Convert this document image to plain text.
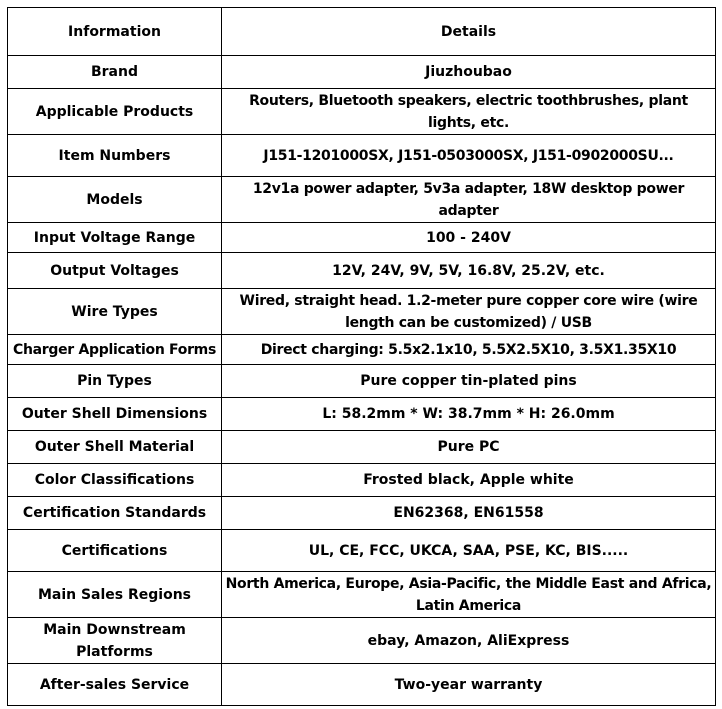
Information	Details
Brand	Jiuzhoubao
Applicable Products	Routers, Bluetooth speakers, electric toothbrushes, plant lights, etc.
Item Numbers	J151-1201000SX, J151-0503000SX, J151-0902000SU...
Models	12v1a power adapter, 5v3a adapter, 18W desktop power adapter
Input Voltage Range	100 - 240V
Output Voltages	12V, 24V, 9V, 5V, 16.8V, 25.2V, etc.
Wire Types	Wired, straight head. 1.2-meter pure copper core wire (wire length can be customized) / USB
Charger Application Forms	Direct charging: 5.5x2.1x10, 5.5X2.5X10, 3.5X1.35X10
Pin Types	Pure copper tin-plated pins
Outer Shell Dimensions	L: 58.2mm * W: 38.7mm * H: 26.0mm
Outer Shell Material	Pure PC
Color Classifications	Frosted black, Apple white
Certification Standards	EN62368, EN61558
Certifications	UL, CE, FCC, UKCA, SAA, PSE, KC, BIS.....
Main Sales Regions	North America, Europe, Asia-Pacific, the Middle East and Africa, Latin America
Main Downstream Platforms	ebay, Amazon, AliExpress
After-sales Service	Two-year warranty
